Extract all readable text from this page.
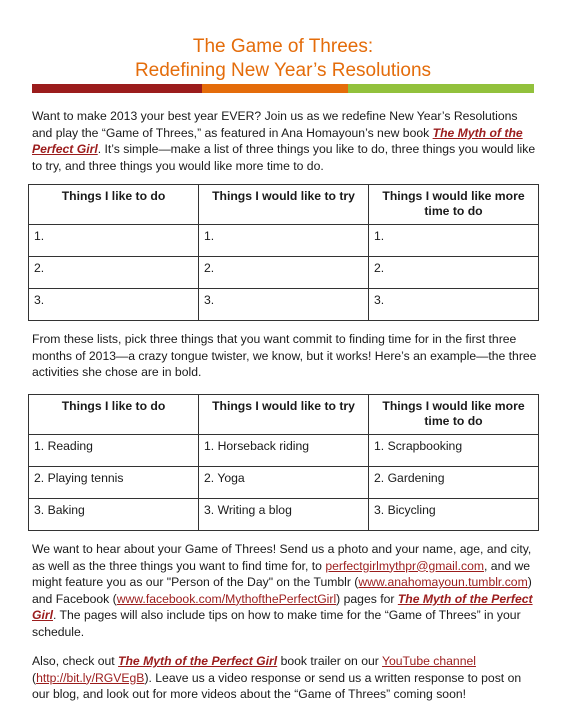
The Game of Threes:
Redefining New Year’s Resolutions
Want to make 2013 your best year EVER? Join us as we redefine New Year’s Resolutions and play the “Game of Threes,” as featured in Ana Homayoun’s new book The Myth of the Perfect Girl. It’s simple—make a list of three things you like to do, three things you would like to try, and three things you would like more time to do.
Things I like to do	Things I would like to try	Things I would like more time to do
1.	1.	1.
2.	2.	2.
3.	3.	3.
From these lists, pick three things that you want commit to finding time for in the first three months of 2013—a crazy tongue twister, we know, but it works! Here’s an example—the three activities she chose are in bold.
Things I like to do	Things I would like to try	Things I would like more time to do
1. Reading	1. Horseback riding	1. Scrapbooking
2. Playing tennis	2. Yoga	2. Gardening
3. Baking	3. Writing a blog	3. Bicycling
We want to hear about your Game of Threes! Send us a photo and your name, age, and city, as well as the three things you want to find time for, to perfectgirlmythpr@gmail.com, and we might feature you as our "Person of the Day" on the Tumblr (www.anahomayoun.tumblr.com) and Facebook (www.facebook.com/MythofthePerfectGirl) pages for The Myth of the Perfect Girl. The pages will also include tips on how to make time for the “Game of Threes” in your schedule.
Also, check out The Myth of the Perfect Girl book trailer on our YouTube channel (http://bit.ly/RGVEgB). Leave us a video response or send us a written response to post on our blog, and look out for more videos about the “Game of Threes” coming soon!
